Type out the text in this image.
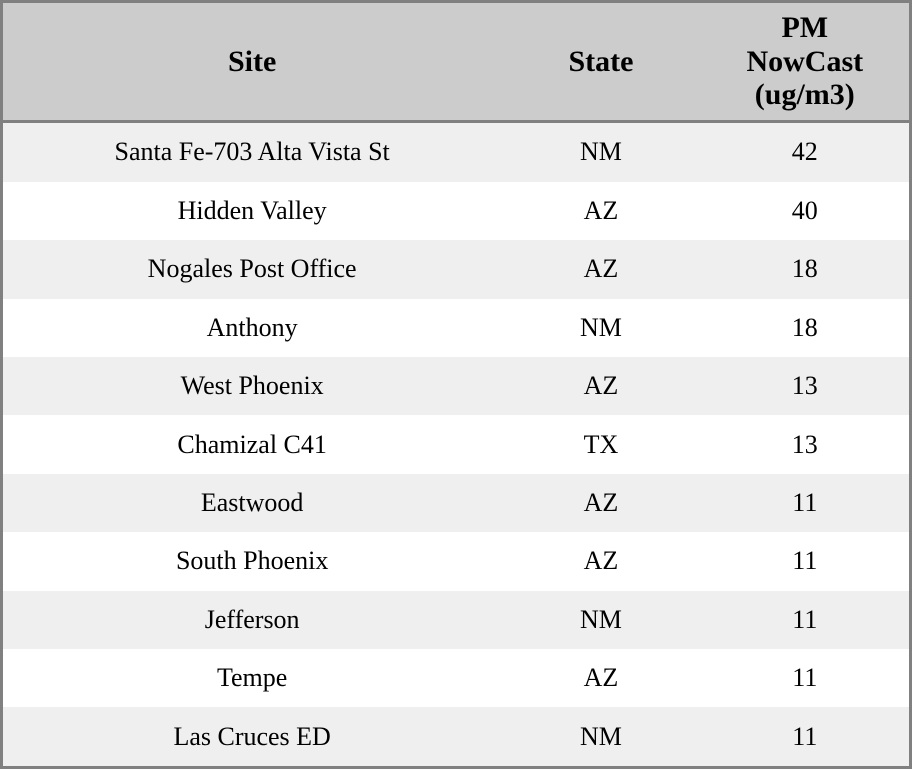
Site	State	PM
NowCast
(ug/m3)
Santa Fe-703 Alta Vista St	NM	42
Hidden Valley	AZ	40
Nogales Post Office	AZ	18
Anthony	NM	18
West Phoenix	AZ	13
Chamizal C41	TX	13
Eastwood	AZ	11
South Phoenix	AZ	11
Jefferson	NM	11
Tempe	AZ	11
Las Cruces ED	NM	11
